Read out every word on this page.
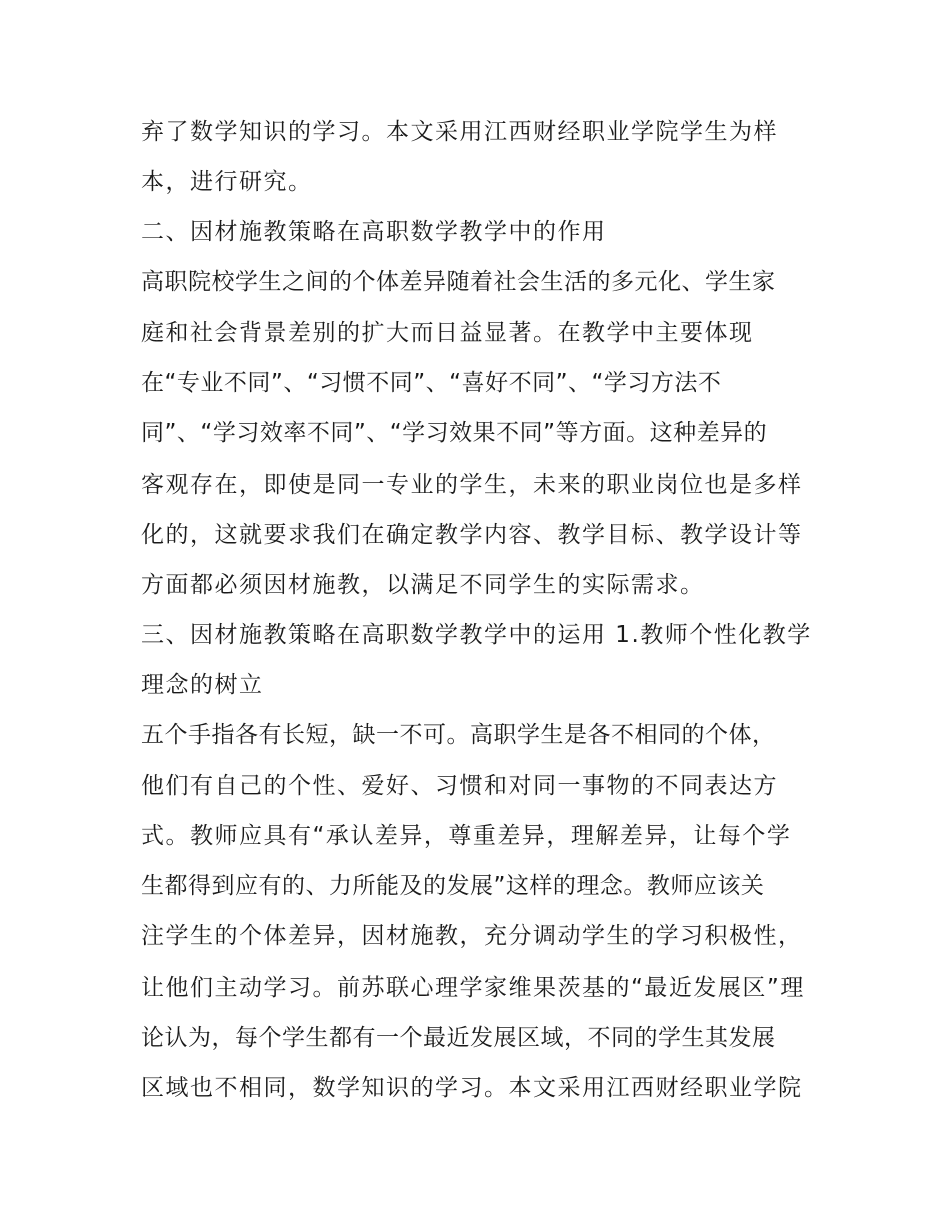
弃了数学知识的学习。本文采用江西财经职业学院学生为样
本，进行研究。
二、因材施教策略在高职数学教学中的作用
高职院校学生之间的个体差异随着社会生活的多元化、学生家
庭和社会背景差别的扩大而日益显著。在教学中主要体现
在“专业不同”、“习惯不同”、“喜好不同”、“学习方法不
同”、“学习效率不同”、“学习效果不同”等方面。这种差异的
客观存在，即使是同一专业的学生，未来的职业岗位也是多样
化的，这就要求我们在确定教学内容、教学目标、教学设计等
方面都必须因材施教，以满足不同学生的实际需求。
三、因材施教策略在高职数学教学中的运用 1.教师个性化教学
理念的树立
五个手指各有长短，缺一不可。高职学生是各不相同的个体，
他们有自己的个性、爱好、习惯和对同一事物的不同表达方
式。教师应具有“承认差异，尊重差异，理解差异，让每个学
生都得到应有的、力所能及的发展”这样的理念。教师应该关
注学生的个体差异，因材施教，充分调动学生的学习积极性，
让他们主动学习。前苏联心理学家维果茨基的“最近发展区”理
论认为，每个学生都有一个最近发展区域，不同的学生其发展
区域也不相同，数学知识的学习。本文采用江西财经职业学院
